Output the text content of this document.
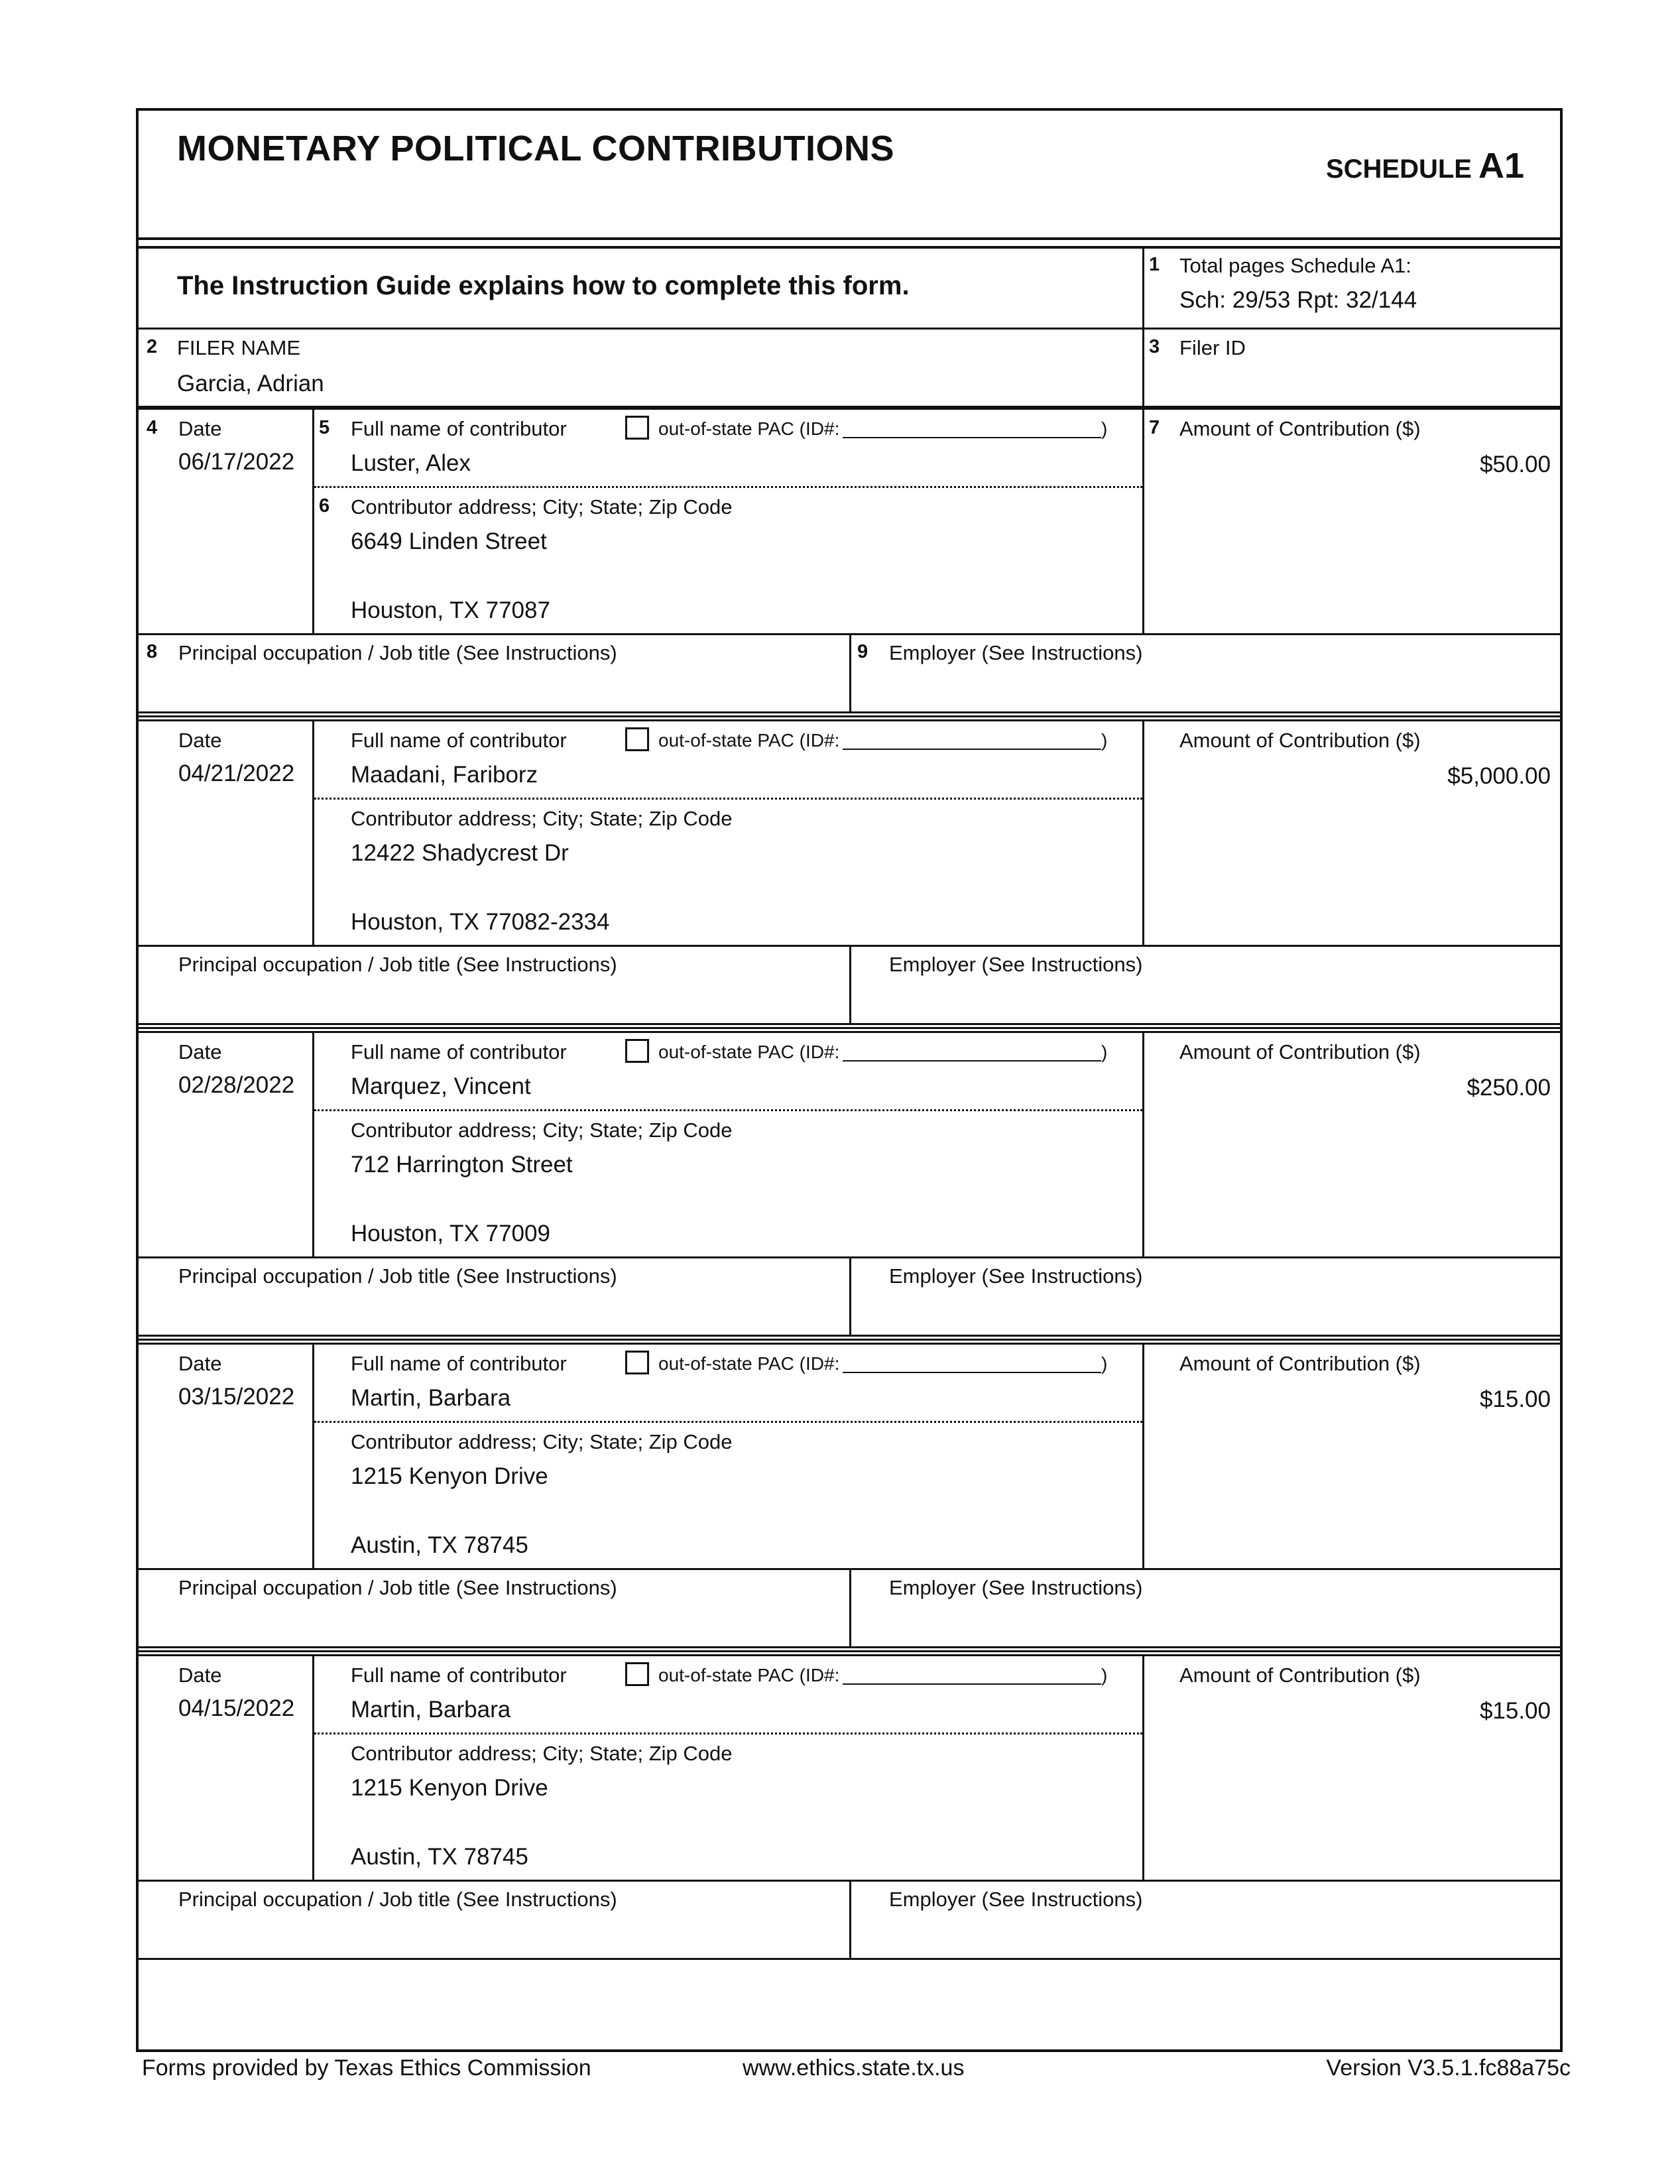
MONETARY POLITICAL CONTRIBUTIONS
SCHEDULE A1
The Instruction Guide explains how to complete this form.
1 Total pages Schedule A1:
Sch: 29/53 Rpt: 32/144
2 FILER NAME
Garcia, Adrian
3 Filer ID
4 Date
06/17/2022
5 Full name of contributor	out-of-state PAC (ID#:	)
Luster, Alex
6 Contributor address; City; State; Zip Code
6649 Linden Street
Houston, TX 77087
7 Amount of Contribution ($)
$50.00
8 Principal occupation / Job title (See Instructions)	9 Employer (See Instructions)
Date
04/21/2022
Full name of contributor	out-of-state PAC (ID#:	)
Maadani, Fariborz
Contributor address; City; State; Zip Code
12422 Shadycrest Dr
Houston, TX 77082-2334
Amount of Contribution ($)
$5,000.00
Principal occupation / Job title (See Instructions)	Employer (See Instructions)
Date
02/28/2022
Full name of contributor	out-of-state PAC (ID#:	)
Marquez, Vincent
Contributor address; City; State; Zip Code
712 Harrington Street
Houston, TX 77009
Amount of Contribution ($)
$250.00
Principal occupation / Job title (See Instructions)	Employer (See Instructions)
Date
03/15/2022
Full name of contributor	out-of-state PAC (ID#:	)
Martin, Barbara
Contributor address; City; State; Zip Code
1215 Kenyon Drive
Austin, TX 78745
Amount of Contribution ($)
$15.00
Principal occupation / Job title (See Instructions)	Employer (See Instructions)
Date
04/15/2022
Full name of contributor	out-of-state PAC (ID#:	)
Martin, Barbara
Contributor address; City; State; Zip Code
1215 Kenyon Drive
Austin, TX 78745
Amount of Contribution ($)
$15.00
Principal occupation / Job title (See Instructions)	Employer (See Instructions)
Forms provided by Texas Ethics Commission	www.ethics.state.tx.us	Version V3.5.1.fc88a75c
